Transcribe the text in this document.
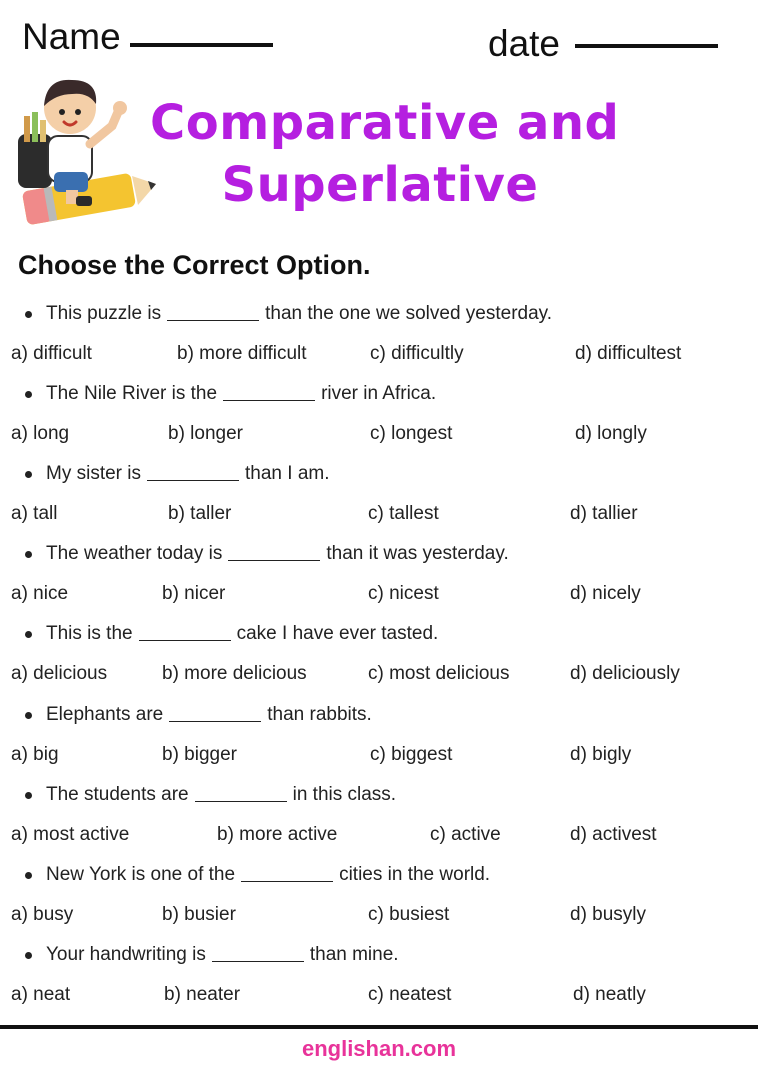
Name	date
Comparative and
Superlative
Choose the Correct Option.
This puzzle is	than the one we solved yesterday.
a) difficult	b) more difficult	c) difficultly	d) difficultest
The Nile River is the	river in Africa.
a) long	b) longer	c) longest	d) longly
My sister is	than I am.
a) tall	b) taller	c) tallest	d) tallier
The weather today is	than it was yesterday.
a) nice	b) nicer	c) nicest	d) nicely
This is the	cake I have ever tasted.
a) delicious	b) more delicious	c) most delicious	d) deliciously
Elephants are	than rabbits.
a) big	b) bigger	c) biggest	d) bigly
The students are	in this class.
a) most active	b) more active	c) active	d) activest
New York is one of the	cities in the world.
a) busy	b) busier	c) busiest	d) busyly
Your handwriting is	than mine.
a) neat	b) neater	c) neatest	d) neatly
englishan.com
